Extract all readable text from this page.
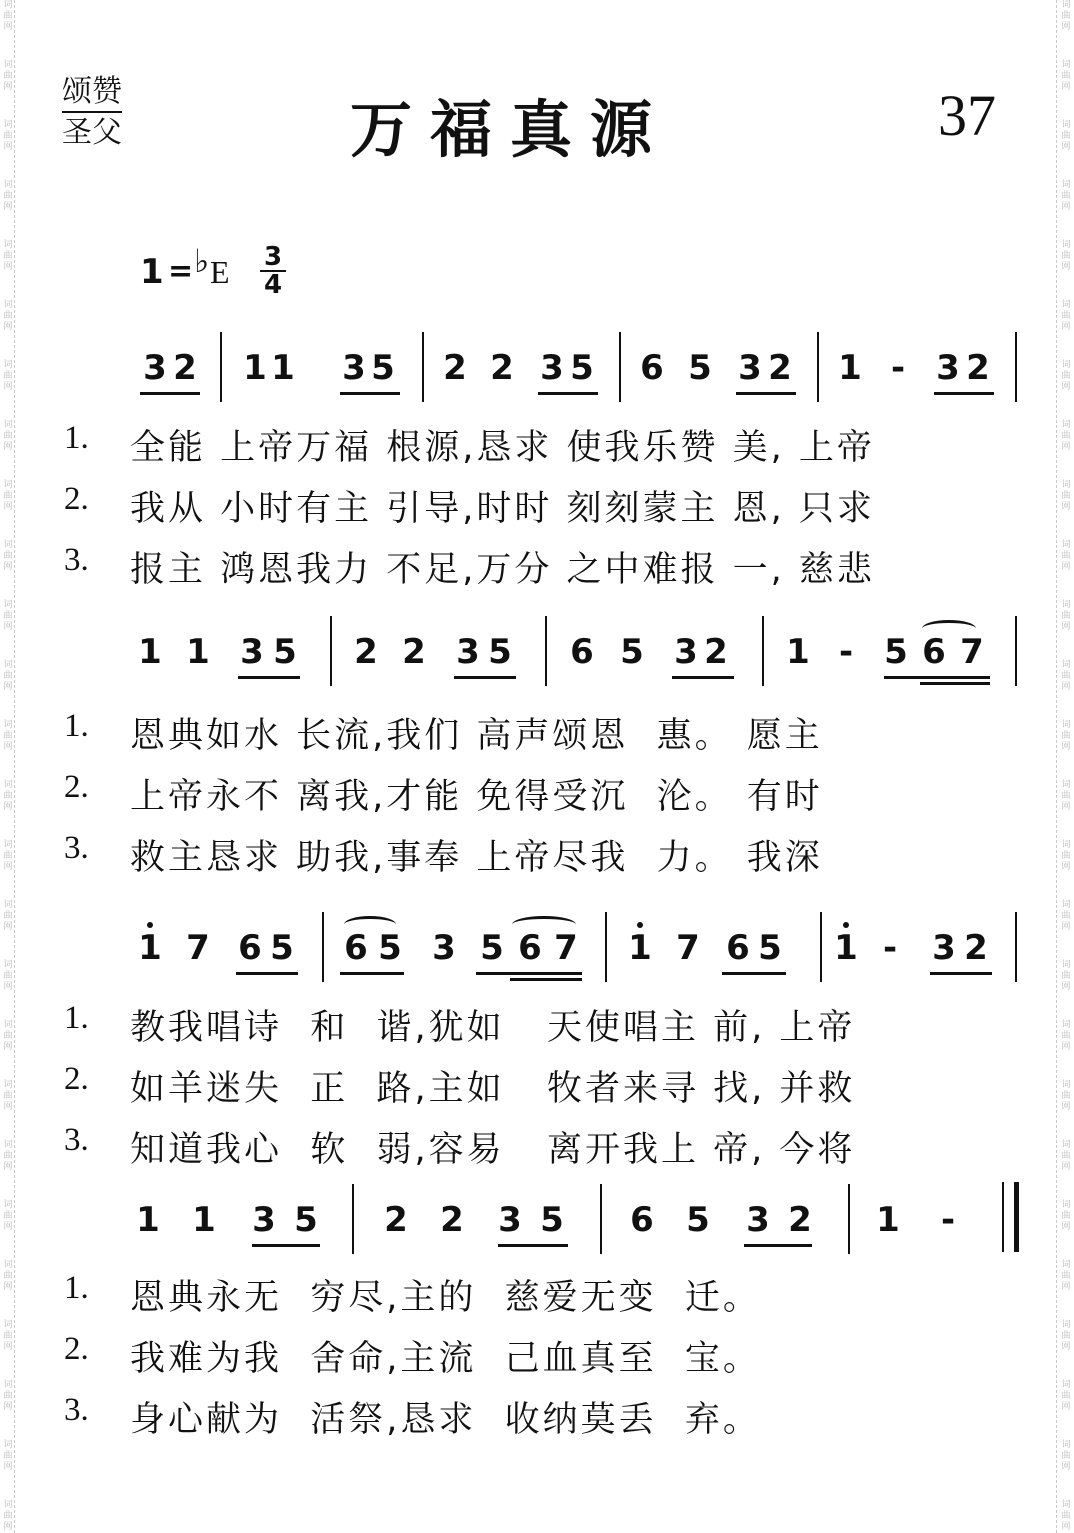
词
曲
网
词
曲
网
词
曲
网
词
曲
网
词
曲
网
词
曲
网
词
曲
网
词
曲
网
词
曲
网
词
曲
网
词
曲
网
词
曲
网
词
曲
网
词
曲
网
词
曲
网
词
曲
网
词
曲
网
词
曲
网
词
曲
网
词
曲
网
词
曲
网
词
曲
网
词
曲
网
词
曲
网
词
曲
网
词
曲
网
词
曲
网
词
曲
网
词
曲
网
词
曲
网
词
曲
网
词
曲
网
词
曲
网
词
曲
网
词
曲
网
词
曲
网
词
曲
网
词
曲
网
词
曲
网
词
曲
网
词
曲
网
词
曲
网
词
曲
网
词
曲
网
词
曲
网
词
曲
网
词
曲
网
词
曲
网
词
曲
网
词
曲
网
词
曲
网
词
曲
网
颂赞
圣父	万福真源	37
1 = ♭ E $\frac{3}{4}$
3 2 1 1 3 5 2 2 3 5 6 5 3 2 1 - 3 2
1. 全能 上帝万福 根源,恳求 使我乐赞 美, 上帝
2. 我从 小时有主 引导,时时 刻刻蒙主 恩, 只求
3. 报主 鸿恩我力 不足,万分 之中难报 一, 慈悲
1 1 3 5 2 2 3 5 6 5 3 2 1 - 5 6 7
1. 恩典如水 长流,我们 高声颂恩  惠。 愿主
2. 上帝永不 离我,才能 免得受沉  沦。 有时
3. 救主恳求 助我,事奉 上帝尽我  力。 我深
1 7 6 5 6 5 3 5 6 7 1 7 6 5 1 - 3 2
1. 教我唱诗  和  谐,犹如   天使唱主 前, 上帝
2. 如羊迷失  正  路,主如   牧者来寻 找, 并救
3. 知道我心  软  弱,容易   离开我上 帝, 今将
1 1 3 5 2 2 3 5 6 5 3 2 1 -
1. 恩典永无  穷尽,主的  慈爱无变  迁。
2. 我难为我  舍命,主流  己血真至  宝。
3. 身心献为  活祭,恳求  收纳莫丢  弃。
